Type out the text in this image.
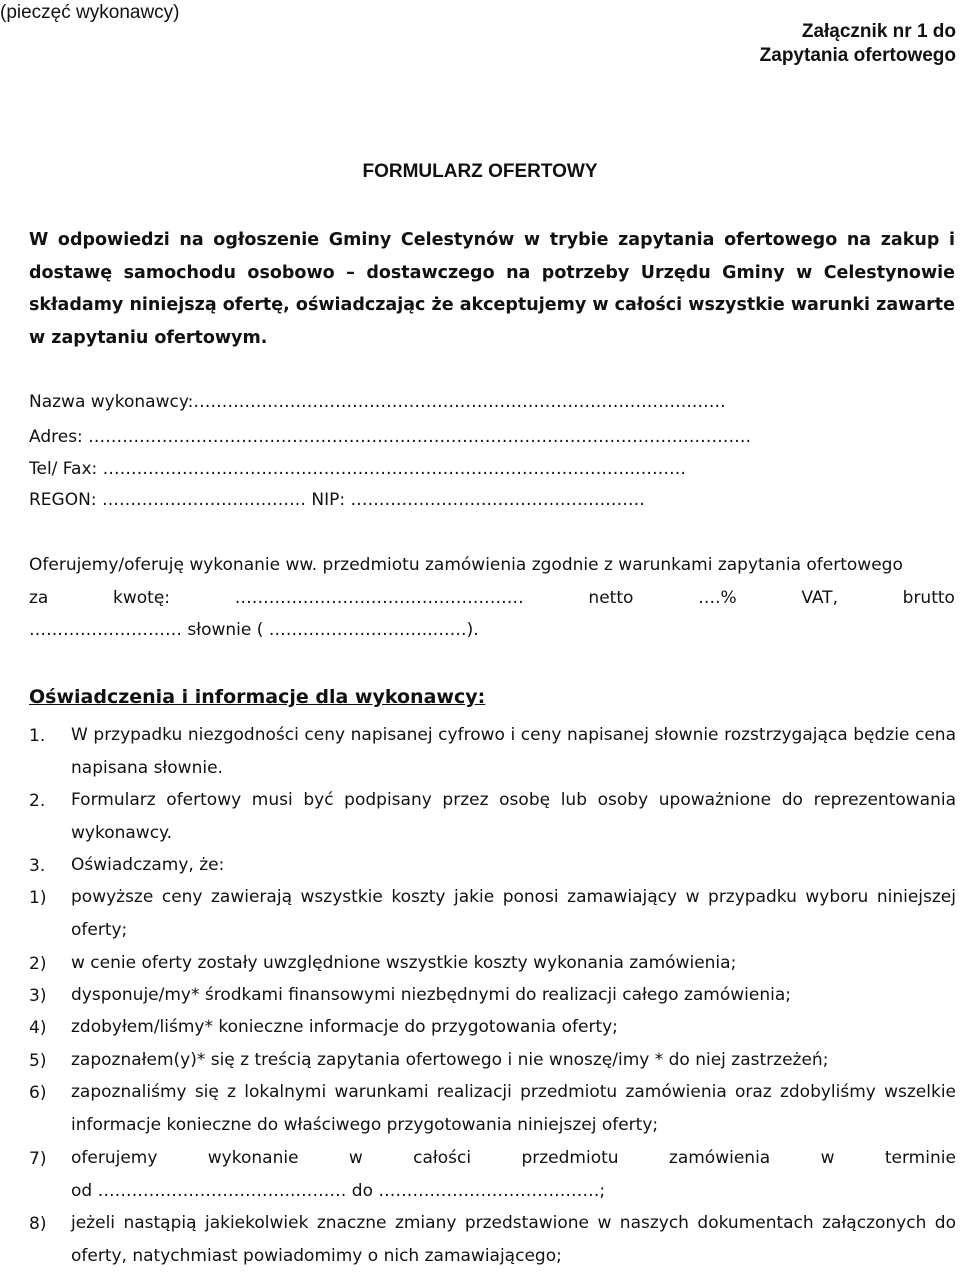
(pieczęć wykonawcy)
Załącznik nr 1 do
Zapytania ofertowego
FORMULARZ OFERTOWY
W odpowiedzi na ogłoszenie Gminy Celestynów w trybie zapytania ofertowego na zakup i dostawę samochodu osobowo – dostawczego na potrzeby Urzędu Gminy w Celestynowie składamy niniejszą ofertę, oświadczając że akceptujemy w całości wszystkie warunki zawarte w zapytaniu ofertowym.
Nazwa wykonawcy:…………………………………………………………………………….……
Adres: ………………………………………………………………………………………………………
Tel/ Fax: ………………………………………………………………………………….………
REGON: ……………………………… NIP: …………………….………………………
Oferujemy/oferuję wykonanie ww. przedmiotu zamówienia zgodnie z warunkami zapytania ofertowego
za	kwotę:	……………………………………………	netto	….%	VAT,	brutto
……………………… słownie ( ………………………..……).
Oświadczenia i informacje dla wykonawcy:
1.	W przypadku niezgodności ceny napisanej cyfrowo i ceny napisanej słownie rozstrzygająca będzie cena napisana słownie.
2.	Formularz ofertowy musi być podpisany przez osobę lub osoby upoważnione do reprezentowania wykonawcy.
3.	Oświadczamy, że:
1)	powyższe ceny zawierają wszystkie koszty jakie ponosi zamawiający w przypadku wyboru niniejszej oferty;
2)	w cenie oferty zostały uwzględnione wszystkie koszty wykonania zamówienia;
3)	dysponuje/my* środkami finansowymi niezbędnymi do realizacji całego zamówienia;
4)	zdobyłem/liśmy* konieczne informacje do przygotowania oferty;
5)	zapoznałem(y)* się z treścią zapytania ofertowego i nie wnoszę/imy * do niej zastrzeżeń;
6)	zapoznaliśmy się z lokalnymi warunkami realizacji przedmiotu zamówienia oraz zdobyliśmy wszelkie informacje konieczne do właściwego przygotowania niniejszej oferty;
7)	oferujemy	wykonanie	w	całości	przedmiotu	zamówienia	w	terminie
od ……………………………..……… do …………………………………;
8)	jeżeli nastąpią jakiekolwiek znaczne zmiany przedstawione w naszych dokumentach załączonych do oferty, natychmiast powiadomimy o nich zamawiającego;
